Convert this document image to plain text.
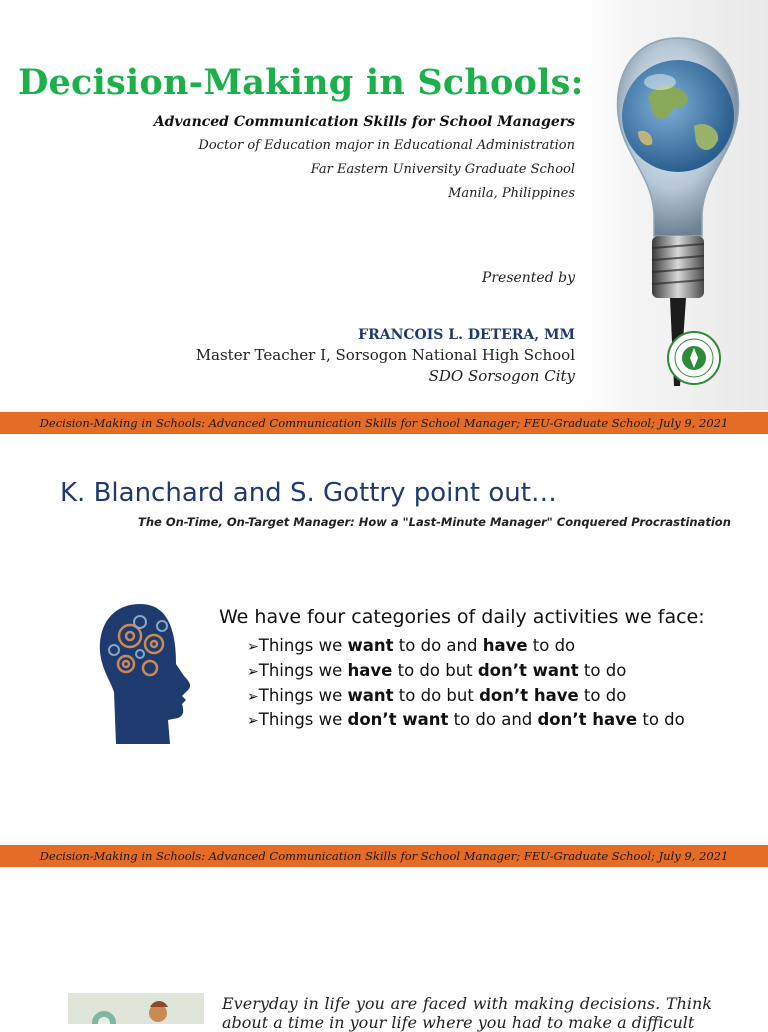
Decision-Making in Schools:
Advanced Communication Skills for School Managers
Doctor of Education major in Educational Administration
Far Eastern University Graduate School
Manila, Philippines
Presented by
FRANCOIS L. DETERA, MM
Master Teacher I, Sorsogon National High School
SDO Sorsogon City
Decision-Making in Schools: Advanced Communication Skills for School Manager; FEU-Graduate School; July 9, 2021
K. Blanchard and S. Gottry point out…
The On-Time, On-Target Manager: How a "Last-Minute Manager" Conquered Procrastination
We have four categories of daily activities we face:
➢Things we want to do and have to do
➢Things we have to do but don’t want to do
➢Things we want to do but don’t have to do
➢Things we don’t want to do and don’t have to do
Decision-Making in Schools: Advanced Communication Skills for School Manager; FEU-Graduate School; July 9, 2021
Everyday in life you are faced with making decisions. Think about a time in your life where you had to make a difficult
